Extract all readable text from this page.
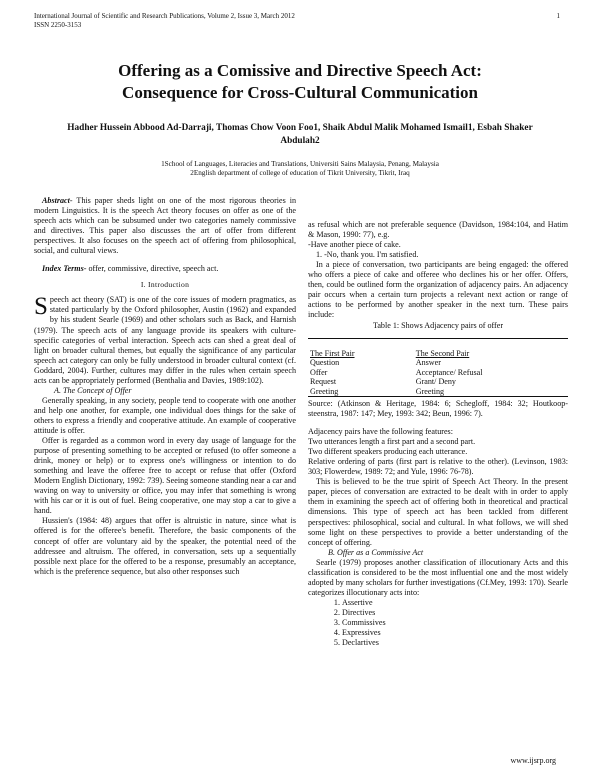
International Journal of Scientific and Research Publications, Volume 2, Issue 3, March 2012
ISSN 2250-3153
1
Offering as a Comissive and Directive Speech Act:
Consequence for Cross-Cultural Communication
Hadher Hussein Abbood Ad-Darraji, Thomas Chow Voon Foo1, Shaik Abdul Malik Mohamed Ismail1, Esbah Shaker Abdulah2
1School of Languages, Literacies and Translations, Universiti Sains Malaysia, Penang, Malaysia
2English department of college of education of Tikrit University, Tikrit, Iraq

Abstract- This paper sheds light on one of the most rigorous theories in modern Linguistics. It is the speech Act theory focuses on offer as one of the speech acts which can be subsumed under two categories namely commissive and directives. This paper also discusses the art of offer from different perspectives. It also focuses on the speech act of offering from philosophical, social, and cultural views.

Index Terms- offer, commissive, directive, speech act.

I. Introduction

Speech act theory (SAT) is one of the core issues of modern pragmatics, as stated particularly by the Oxford philosopher, Austin (1962) and expanded by his student Searle (1969) and other scholars such as Back, and Harnish (1979). The speech acts of any language provide its speakers with culture-specific categories of verbal interaction. Speech acts can shed a great deal of light on broader cultural themes, but equally the significance of any particular speech act category can only be fully understood in broader cultural context (cf. Goddard, 2004). Further, cultures may differ in the rules when certain speech acts can be appropriately performed (Benthalia and Davies, 1989:102).

A. The Concept of Offer

Generally speaking, in any society, people tend to cooperate with one another and help one another, for example, one individual does things for the sake of others to express a friendly and cooperative attitude. An example of cooperative attitude is offer.

Offer is regarded as a common word in every day usage of language for the purpose of presenting something to be accepted or refused (to offer someone a drink, money or help) or to express one's willingness or intention to do something and leave the offeree free to accept or refuse that offer (Oxford Modern English Dictionary, 1992: 739). Seeing someone standing near a car and waving on way to university or office, you may infer that something is wrong with his car or it is out of fuel. Being cooperative, one may stop a car to give a hand.

Hussien's (1984: 48) argues that offer is altruistic in nature, since what is offered is for the offeree's benefit. Therefore, the basic components of the concept of offer are voluntary aid by the speaker, the potential need of the addressee and altruism. The offered, in conversation, sets up a sequentially possible next place for the offered to be a response, presumably an acceptance, which is the preference sequence, but also other responses such

as refusal which are not preferable sequence (Davidson, 1984:104, and Hatim & Mason, 1990: 77), e.g.

-Have another piece of cake.

1. -No, thank you. I'm satisfied.

In a piece of conversation, two participants are being engaged: the offered who offers a piece of cake and offeree who declines his or her offer. Offers, then, could be outlined form the organization of adjacency pairs. An adjacency pair occurs when a certain turn projects a relevant next action or range of actions to be performed by another speaker in the next turn. These pairs include:

Table 1: Shows Adjacency pairs of offer
The First Pair	The Second Pair
Question	Answer
Offer	Acceptance/ Refusal
Request	Grant/ Deny
Greeting	Greeting
Source: (Atkinson & Heritage, 1984: 6; Schegloff, 1984: 32; Houtkoop-steenstra, 1987: 147; Mey, 1993: 342; Beun, 1996: 7).

Adjacency pairs have the following features:

Two utterances length a first part and a second part.

Two different speakers producing each utterance.

Relative ordering of parts (first part is relative to the other). (Levinson, 1983: 303; Flowerdew, 1989: 72; and Yule, 1996: 76-78).

This is believed to be the true spirit of Speech Act Theory. In the present paper, pieces of conversation are extracted to be dealt with in order to apply them in examining the speech act of offering both in theoretical and practical dimensions. This type of speech act has been tackled from different perspectives: philosophical, social and cultural. In what follows, we will shed some light on these perspectives to provide a better understanding of the concept of offering.

B. Offer as a Commissive Act

Searle (1979) proposes another classification of illocutionary Acts and this classification is considered to be the most influential one and the most widely adopted by many scholars for further investigations (Cf.Mey, 1993: 170). Searle categorizes illocutionary acts into:

1. Assertive
2. Directives
3. Commissives
4. Expressives
5. Declartives
www.ijsrp.org
